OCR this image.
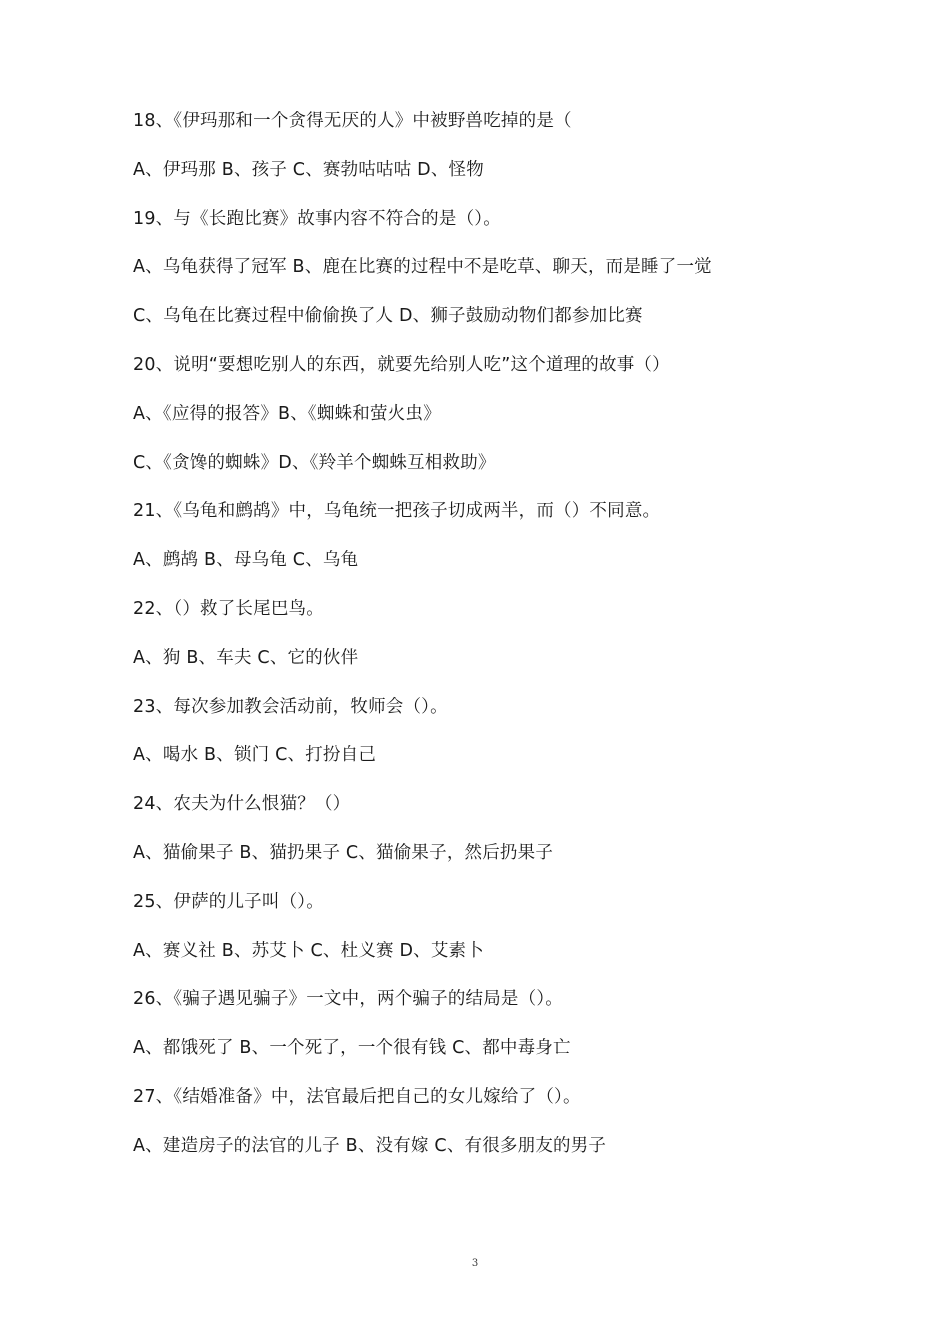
18、《伊玛那和一个贪得无厌的人》中被野兽吃掉的是（
A、伊玛那 B、孩子 C、赛勃咕咕咕 D、怪物
19、与《长跑比赛》故事内容不符合的是（）。
A、乌龟获得了冠军 B、鹿在比赛的过程中不是吃草、聊天，而是睡了一觉
C、乌龟在比赛过程中偷偷换了人 D、狮子鼓励动物们都参加比赛
20、说明“要想吃别人的东西，就要先给别人吃”这个道理的故事（）
A、《应得的报答》B、《蜘蛛和萤火虫》
C、《贪馋的蜘蛛》D、《羚羊个蜘蛛互相救助》
21、《乌龟和鹧鸪》中，乌龟统一把孩子切成两半，而（）不同意。
A、鹧鸪 B、母乌龟 C、乌龟
22、（）救了长尾巴鸟。
A、狗 B、车夫 C、它的伙伴
23、每次参加教会活动前，牧师会（）。
A、喝水 B、锁门 C、打扮自己
24、农夫为什么恨猫？（）
A、猫偷果子 B、猫扔果子 C、猫偷果子，然后扔果子
25、伊萨的儿子叫（）。
A、赛义社 B、苏艾卜 C、杜义赛 D、艾素卜
26、《骗子遇见骗子》一文中，两个骗子的结局是（）。
A、都饿死了 B、一个死了，一个很有钱 C、都中毒身亡
27、《结婚准备》中，法官最后把自己的女儿嫁给了（）。
A、建造房子的法官的儿子 B、没有嫁 C、有很多朋友的男子
3
